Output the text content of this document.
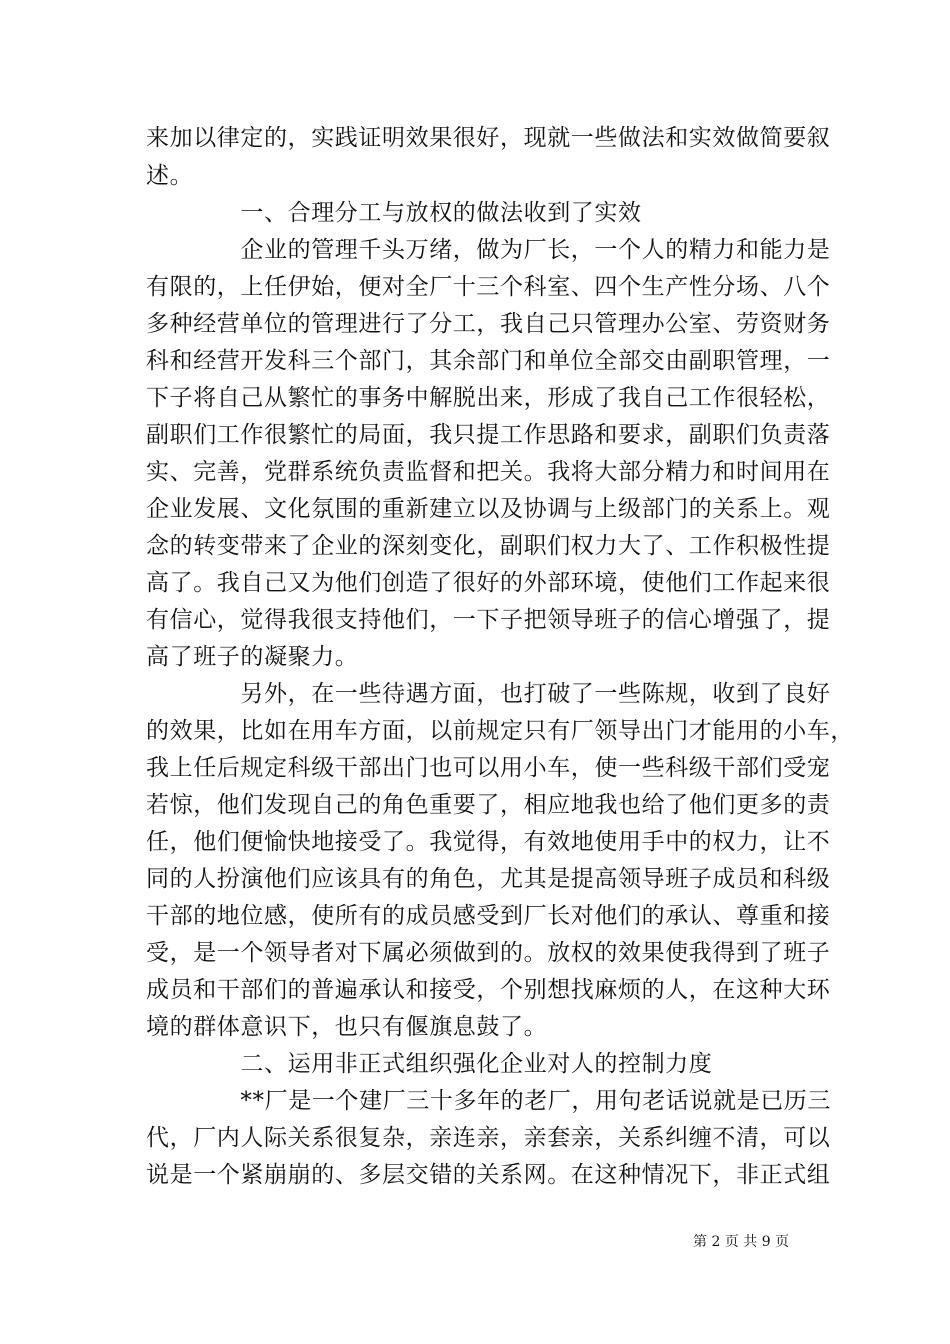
来加以律定的，实践证明效果很好，现就一些做法和实效做简要叙
述。
　　　　一、合理分工与放权的做法收到了实效
　　　　企业的管理千头万绪，做为厂长，一个人的精力和能力是
有限的，上任伊始，便对全厂十三个科室、四个生产性分场、八个
多种经营单位的管理进行了分工，我自己只管理办公室、劳资财务
科和经营开发科三个部门，其余部门和单位全部交由副职管理，一
下子将自己从繁忙的事务中解脱出来，形成了我自己工作很轻松，
副职们工作很繁忙的局面，我只提工作思路和要求，副职们负责落
实、完善，党群系统负责监督和把关。我将大部分精力和时间用在
企业发展、文化氛围的重新建立以及协调与上级部门的关系上。观
念的转变带来了企业的深刻变化，副职们权力大了、工作积极性提
高了。我自己又为他们创造了很好的外部环境，使他们工作起来很
有信心，觉得我很支持他们，一下子把领导班子的信心增强了，提
高了班子的凝聚力。
　　　　另外，在一些待遇方面，也打破了一些陈规，收到了良好
的效果，比如在用车方面，以前规定只有厂领导出门才能用的小车，
我上任后规定科级干部出门也可以用小车，使一些科级干部们受宠
若惊，他们发现自己的角色重要了，相应地我也给了他们更多的责
任，他们便愉快地接受了。我觉得，有效地使用手中的权力，让不
同的人扮演他们应该具有的角色，尤其是提高领导班子成员和科级
干部的地位感，使所有的成员感受到厂长对他们的承认、尊重和接
受，是一个领导者对下属必须做到的。放权的效果使我得到了班子
成员和干部们的普遍承认和接受，个别想找麻烦的人，在这种大环
境的群体意识下，也只有偃旗息鼓了。
　　　　二、运用非正式组织强化企业对人的控制力度
　　　　**厂是一个建厂三十多年的老厂，用句老话说就是已历三
代，厂内人际关系很复杂，亲连亲，亲套亲，关系纠缠不清，可以
说是一个紧崩崩的、多层交错的关系网。在这种情况下，非正式组
第 2 页 共 9 页
